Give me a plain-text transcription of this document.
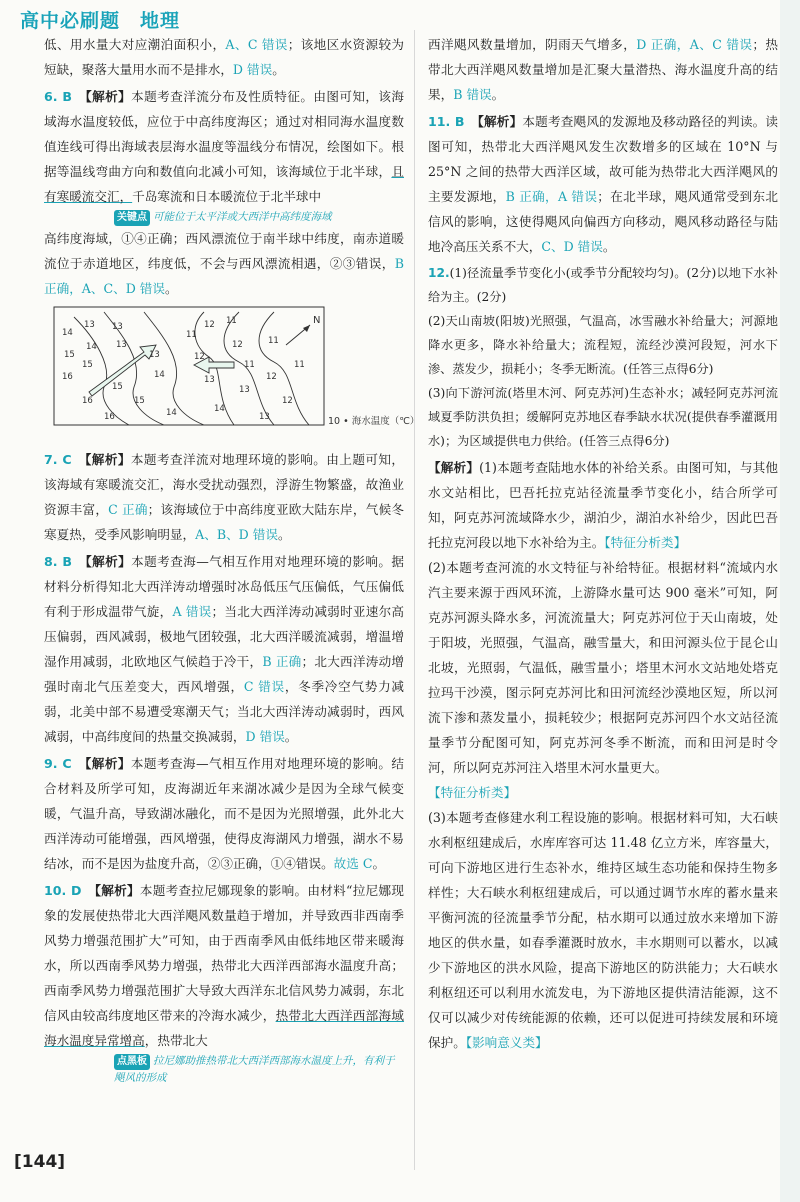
高中必刷题　地理

低、用水量大对应潮泊面积小，A、C 错误；该地区水资源较为短缺，聚落大量用水而不是排水，D 错误。

6. B　 【解析】本题考查洋流分布及性质特征。由图可知，该海域海水温度较低，应位于中高纬度海区；通过对相同海水温度数值连线可得出海域表层海水温度等温线分布情况，绘图如下。根据等温线弯曲方向和数值向北减小可知，该海域位于北半球，且有寒暖流交汇，千岛寒流和日本暖流位于北半球中

关键点 可能位于太平洋或大西洋中高纬度海域

高纬度海域，①④正确；西风漂流位于南半球中纬度，南赤道暖流位于赤道地区，纬度低，不会与西风漂流相遇，②③错误，B 正确，A、C、D 错误。

14
13 13
15
14 13
16
15
13
16
15
14
16
15
14
11
12 11
12
12	11
11
13
13
12
11
12
14
13
N
10 • 海水温度（℃）

7. C　 【解析】本题考查洋流对地理环境的影响。由上题可知，该海域有寒暖流交汇，海水受扰动强烈，浮游生物繁盛，故渔业资源丰富，C 正确；该海域位于中高纬度亚欧大陆东岸，气候冬寒夏热，受季风影响明显，A、B、D 错误。

8. B　 【解析】本题考查海—气相互作用对地理环境的影响。据材料分析得知北大西洋涛动增强时冰岛低压气压偏低，气压偏低有利于形成温带气旋，A 错误；当北大西洋涛动减弱时亚速尔高压偏弱，西风减弱，极地气团较强，北大西洋暖流减弱，增温增湿作用减弱，北欧地区气候趋于冷干，B 正确；北大西洋涛动增强时南北气压差变大，西风增强，C 错误，冬季冷空气势力减弱，北美中部不易遭受寒潮天气；当北大西洋涛动减弱时，西风减弱，中高纬度间的热量交换减弱，D 错误。

9. C　 【解析】本题考查海—气相互作用对地理环境的影响。结合材料及所学可知，皮海湖近年来湖冰减少是因为全球气候变暖，气温升高，导致湖冰融化，而不是因为光照增强，此外北大西洋涛动可能增强，西风增强，使得皮海湖风力增强，湖水不易结冰，而不是因为盐度升高，②③正确，①④错误。故选 C。

10. D　 【解析】本题考查拉尼娜现象的影响。由材料“拉尼娜现象的发展使热带北大西洋飓风数量趋于增加，并导致西非西南季风势力增强范围扩大”可知，由于西南季风由低纬地区带来暖海水，所以西南季风势力增强，热带北大西洋西部海水温度升高；西南季风势力增强范围扩大导致大西洋东北信风势力减弱，东北信风由较高纬度地区带来的冷海水减少，热带北大西洋西部海域海水温度异常增高，热带北大

点黑板 拉尼娜助推热带北大西洋西部海水温度上升，有利于飓风的形成

西洋飓风数量增加，阴雨天气增多，D 正确，A、C 错误；热带北大西洋飓风数量增加是汇聚大量潜热、海水温度升高的结果，B 错误。

11. B　 【解析】本题考查飓风的发源地及移动路径的判读。读图可知，热带北大西洋飓风发生次数增多的区域在 10°N 与 25°N 之间的热带大西洋区域，故可能为热带北大西洋飓风的主要发源地，B 正确，A 错误；在北半球，飓风通常受到东北信风的影响，这使得飓风向偏西方向移动，飓风移动路径与陆地冷高压关系不大，C、D 错误。

12.(1)径流量季节变化小(或季节分配较均匀)。(2分)以地下水补给为主。(2分)

(2)天山南坡(阳坡)光照强，气温高，冰雪融水补给量大；河源地降水更多，降水补给量大；流程短，流经沙漠河段短，河水下渗、蒸发少，损耗小；冬季无断流。(任答三点得6分)

(3)向下游河流(塔里木河、阿克苏河)生态补水；减轻阿克苏河流域夏季防洪负担；缓解阿克苏地区春季缺水状况(提供春季灌溉用水)；为区域提供电力供给。(任答三点得6分)

【解析】(1)本题考查陆地水体的补给关系。由图可知，与其他水文站相比，巴吾托拉克站径流量季节变化小，结合所学可知，阿克苏河流域降水少，湖泊少，湖泊水补给少，因此巴吾托拉克河段以地下水补给为主。【特征分析类】

(2)本题考查河流的水文特征与补给特征。根据材料“流域内水汽主要来源于西风环流，上游降水量可达 900 毫米”可知，阿克苏河源头降水多，河流流量大；阿克苏河位于天山南坡，处于阳坡，光照强，气温高，融雪量大，和田河源头位于昆仑山北坡，光照弱，气温低，融雪量小；塔里木河水文站地处塔克拉玛干沙漠，图示阿克苏河比和田河流经沙漠地区短，所以河流下渗和蒸发量小，损耗较少；根据阿克苏河四个水文站径流量季节分配图可知，阿克苏河冬季不断流，而和田河是时令河，所以阿克苏河注入塔里木河水量更大。

【特征分析类】

(3)本题考查修建水利工程设施的影响。根据材料可知，大石峡水利枢纽建成后，水库库容可达 11.48 亿立方米，库容量大，可向下游地区进行生态补水，维持区域生态功能和保持生物多样性；大石峡水利枢纽建成后，可以通过调节水库的蓄水量来平衡河流的径流量季节分配，枯水期可以通过放水来增加下游地区的供水量，如春季灌溉时放水，丰水期则可以蓄水，以减少下游地区的洪水风险，提高下游地区的防洪能力；大石峡水利枢纽还可以利用水流发电，为下游地区提供清洁能源，这不仅可以减少对传统能源的依赖，还可以促进可持续发展和环境保护。【影响意义类】

[144]
